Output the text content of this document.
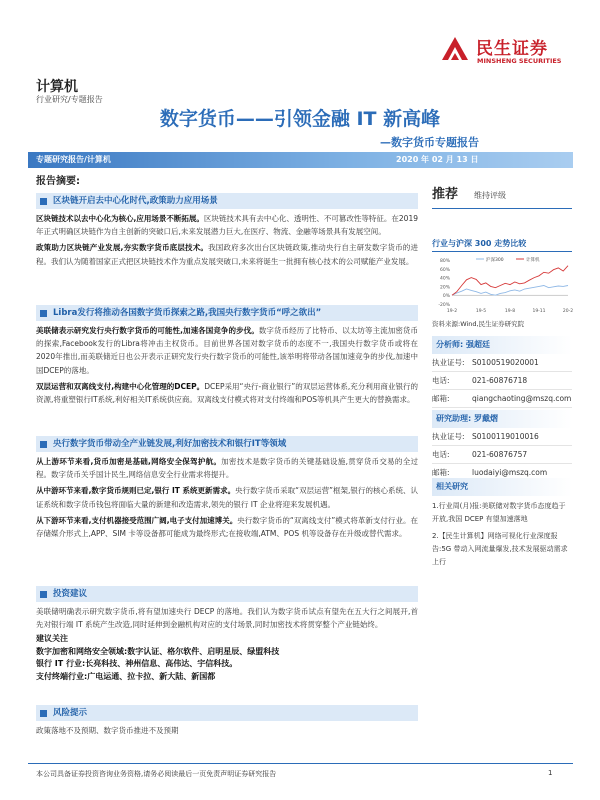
民生证券
MINSHENG SECURITIES
计算机
行业研究/专题报告
数字货币——引领金融 IT 新高峰
—数字货币专题报告
专题研究报告/计算机	2020 年 02 月 13 日
报告摘要:
区块链开启去中心化时代,政策助力应用场景
区块链技术以去中心化为核心,应用场景不断拓展。区块链技术具有去中心化、透明性、不可篡改性等特征。在2019年正式明确区块链作为自主创新的突破口后,未来发展潜力巨大,在医疗、物流、金融等场景具有发展空间。
政策助力区块链产业发展,夯实数字货币底层技术。我国政府多次出台区块链政策,推动央行自主研发数字货币的进程。我们认为随着国家正式把区块链技术作为重点发展突破口,未来将诞生一批拥有核心技术的公司赋能产业发展。
Libra发行将推动各国数字货币探索之路,我国央行数字货币“呼之欲出”
美联储表示研究发行央行数字货币的可能性,加速各国竞争的步伐。数字货币经历了比特币、以太坊等主流加密货币的探索,Facebook发行的Libra将冲击主权货币。目前世界各国对数字货币的态度不一,我国央行数字货币或将在2020年推出,而美联储近日也公开表示正研究发行央行数字货币的可能性,该举明将带动各国加速竞争的步伐,加速中国DCEP的落地。
双层运营和双离线支付,构建中心化管理的DCEP。DCEP采用“央行-商业银行”的双层运营体系,充分利用商业银行的资源,将重塑银行IT系统,利好相关IT系统供应商。双离线支付模式将对支付终端和POS等机具产生更大的替换需求。
央行数字货币带动全产业链发展,利好加密技术和银行IT等领域
从上游环节来看,货币加密是基础,网络安全保驾护航。加密技术是数字货币的关键基础设施,贯穿货币交易的全过程。数字货币关乎国计民生,网络信息安全行业需求将提升。
从中游环节来看,数字货币规则已定,银行 IT 系统更新需求。央行数字货币采取“双层运营”框架,银行的核心系统、认证系统和数字货币钱包将面临大量的新建和改造需求,领先的银行 IT 企业将迎来发展机遇。
从下游环节来看,支付机器接受范围广阔,电子支付加速博关。央行数字货币的“双离线支付”模式将革新支付行业。在存储媒介形式上,APP、SIM 卡等设备都可能成为最终形式;在接收端,ATM、POS 机等设备存在升级或替代需求。
投资建议
美联储明确表示研究数字货币,将有望加速央行 DECP 的落地。我们认为数字货币试点有望先在五大行之间展开,首先对银行端 IT 系统产生改造,同时延伸到金融机构对应的支付场景,同时加密技术将贯穿整个产业链始终。
建议关注
数字加密和网络安全领域:数字认证、格尔软件、启明星辰、绿盟科技
银行 IT 行业:长亮科技、神州信息、高伟达、宇信科技。
支付终端行业:广电运通、拉卡拉、新大陆、新国都
风险提示
政策落地不及预期、数字货币推进不及预期
推荐 维持评级
行业与沪深 300 走势比较
80%
60%
40%
20%
0%
-20%
19-2	19-5	19-8	19-11	20-2
沪深300	计算机
资料来源:Wind,民生证券研究院
分析师: 强超廷
执业证号: S0100519020001
电话:	021-60876718
邮箱:	qiangchaoting@mszq.com
研究助理: 罗戴熠
执业证号: S0100119010016
电话:	021-60876757
邮箱:	luodaiyi@mszq.com
相关研究
1.行业周(月)报:美联储对数字货币态度趋于开放,我国 DCEP 有望加速落地
2.【民生计算机】网络可视化行业深度报告:5G 带动入网流量爆发,技术发展驱动需求上行
本公司具备证券投资咨询业务资格,请务必阅读最后一页免责声明证券研究报告	1
